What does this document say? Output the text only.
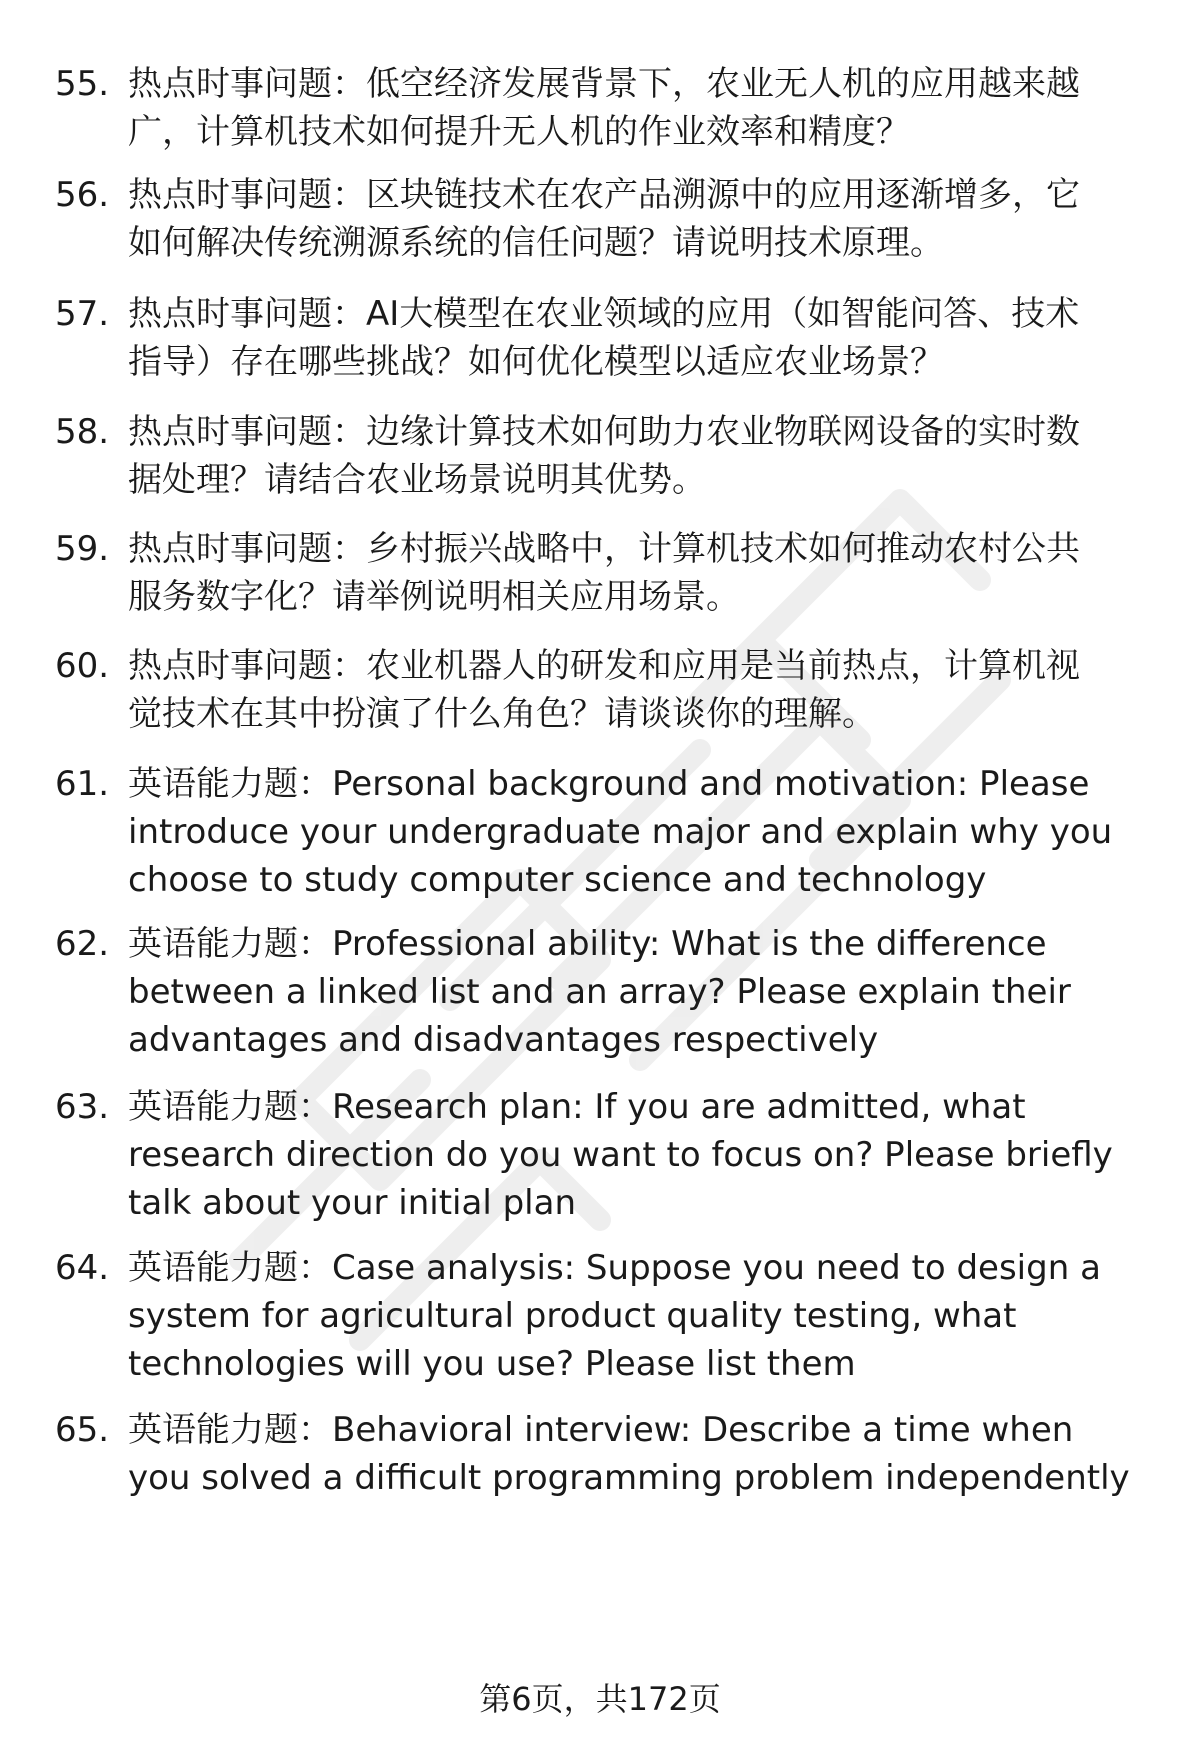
55. 热点时事问题：低空经济发展背景下，农业无人机的应用越来越
广，计算机技术如何提升无人机的作业效率和精度？
56. 热点时事问题：区块链技术在农产品溯源中的应用逐渐增多，它
如何解决传统溯源系统的信任问题？请说明技术原理。
57. 热点时事问题：AI大模型在农业领域的应用（如智能问答、技术
指导）存在哪些挑战？如何优化模型以适应农业场景？
58. 热点时事问题：边缘计算技术如何助力农业物联网设备的实时数
据处理？请结合农业场景说明其优势。
59. 热点时事问题：乡村振兴战略中，计算机技术如何推动农村公共
服务数字化？请举例说明相关应用场景。
60. 热点时事问题：农业机器人的研发和应用是当前热点，计算机视
觉技术在其中扮演了什么角色？请谈谈你的理解。
61. 英语能力题：Personal background and motivation: Please
introduce your undergraduate major and explain why you
choose to study computer science and technology
62. 英语能力题：Professional ability: What is the difference
between a linked list and an array? Please explain their
advantages and disadvantages respectively
63. 英语能力题：Research plan: If you are admitted, what
research direction do you want to focus on? Please briefly
talk about your initial plan
64. 英语能力题：Case analysis: Suppose you need to design a
system for agricultural product quality testing, what
technologies will you use? Please list them
65. 英语能力题：Behavioral interview: Describe a time when
you solved a difficult programming problem independently
第6页，共172页
